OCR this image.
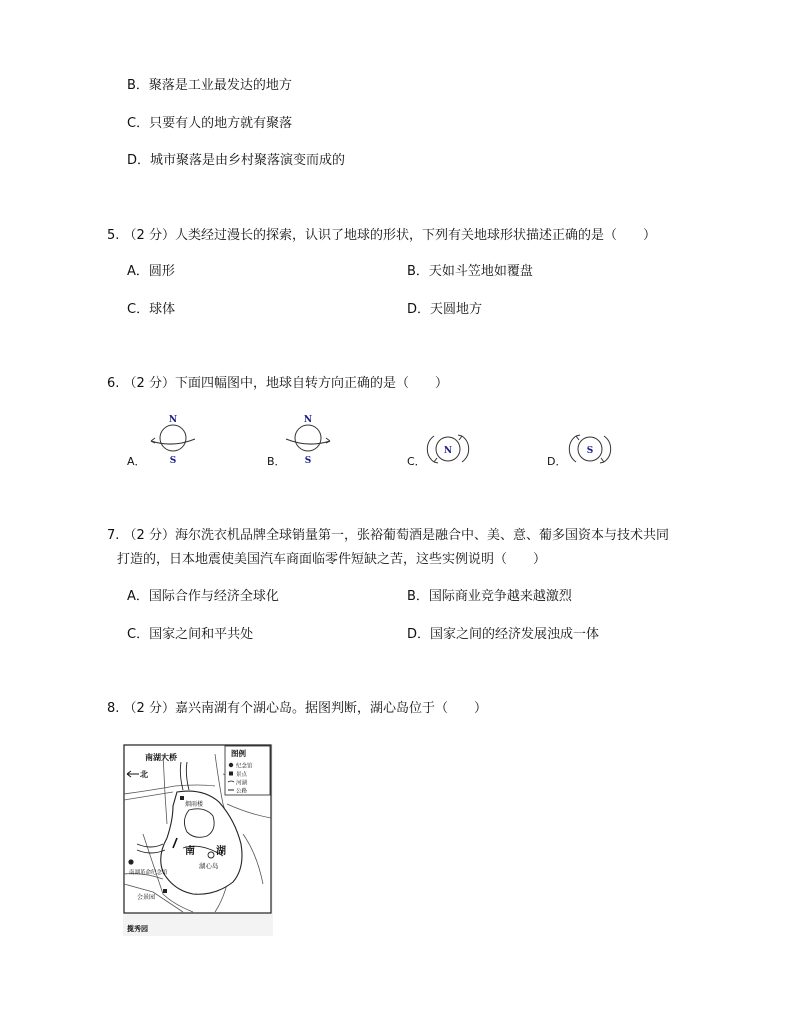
B．聚落是工业最发达的地方
C．只要有人的地方就有聚落
D．城市聚落是由乡村聚落演变而成的
5. （2 分）人类经过漫长的探索，认识了地球的形状，下列有关地球形状描述正确的是（　　）
A．圆形	B．天如斗笠地如覆盘
C．球体	D．天圆地方
6. （2 分）下面四幅图中，地球自转方向正确的是（　　）
A．
N
S	B．
N
S	C．
N
D．
S
7. （2 分）海尔洗衣机品牌全球销量第一，张裕葡萄酒是融合中、美、意、葡多国资本与技术共同
打造的，日本地震使美国汽车商面临零件短缺之苦，这些实例说明（　　）
A．国际合作与经济全球化	B．国际商业竞争越来越激烈
C．国家之间和平共处	D．国家之间的经济发展浊成一体
8. （2 分）嘉兴南湖有个湖心岛。据图判断，湖心岛位于（　　）
图例
纪念馆
景点
河湖
公路
南湖大桥
北
烟雨楼
南 湖
湖心岛
南湖革命纪念馆
会景园
揽秀园
